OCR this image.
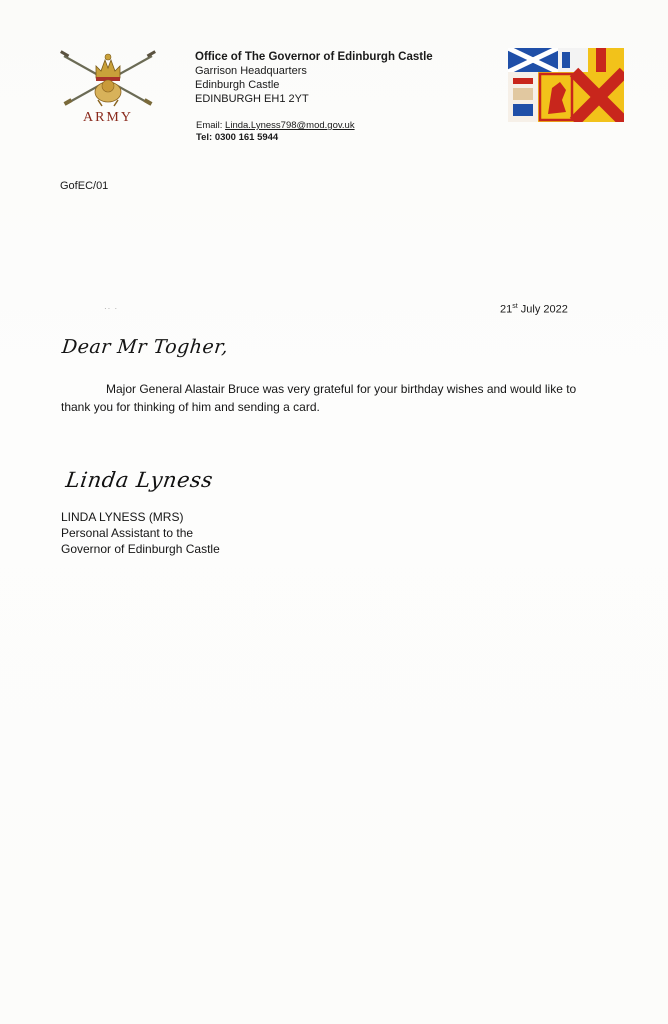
ARMY
Office of The Governor of Edinburgh Castle
Garrison Headquarters
Edinburgh Castle
EDINBURGH EH1 2YT
Email: Linda.Lyness798@mod.gov.uk
Tel: 0300 161 5944
GofEC/01
·· ·	21st July 2022
Dear Mr Togher,
Major General Alastair Bruce was very grateful for your birthday wishes and would like to
thank you for thinking of him and sending a card.
Linda Lyness
LINDA LYNESS (MRS)
Personal Assistant to the
Governor of Edinburgh Castle
